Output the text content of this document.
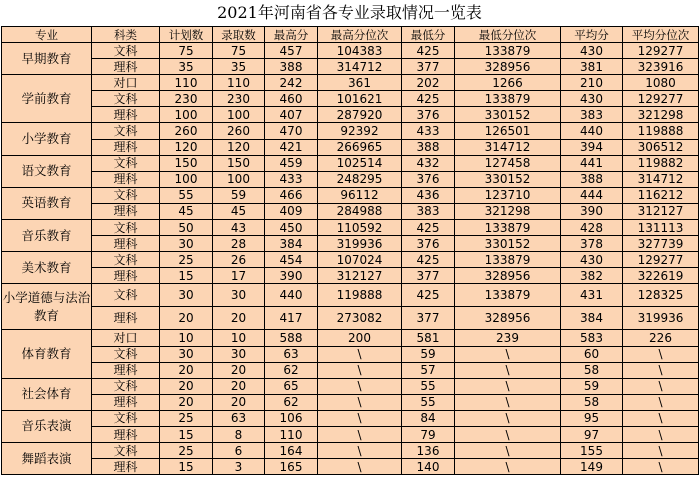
2021年河南省各专业录取情况一览表
专业	科类	计划数	录取数	最高分	最高分位次	最低分	最低分位次	平均分	平均分位次
早期教育	文科	75	75	457	104383	425	133879	430	129277
	理科	35	35	388	314712	377	328956	381	323916
学前教育	对口	110	110	242	361	202	1266	210	1080
	文科	230	230	460	101621	425	133879	430	129277
	理科	100	100	407	287920	376	330152	383	321298
小学教育	文科	260	260	470	92392	433	126501	440	119888
	理科	120	120	421	266965	388	314712	394	306512
语文教育	文科	150	150	459	102514	432	127458	441	119882
	理科	100	100	433	248295	376	330152	388	314712
英语教育	文科	55	59	466	96112	436	123710	444	116212
	理科	45	45	409	284988	383	321298	390	312127
音乐教育	文科	50	43	450	110592	425	133879	428	131113
	理科	30	28	384	319936	376	330152	378	327739
美术教育	文科	25	26	454	107024	425	133879	430	129277
	理科	15	17	390	312127	377	328956	382	322619
小学道德与法治教育	文科	30	30	440	119888	425	133879	431	128325
	理科	20	20	417	273082	377	328956	384	319936
体育教育	对口	10	10	588	200	581	239	583	226
	文科	30	30	63	\	59	\	60	\
	理科	20	20	62	\	57	\	58	\
社会体育	文科	20	20	65	\	55	\	59	\
	理科	20	20	62	\	55	\	58	\
音乐表演	文科	25	63	106	\	84	\	95	\
	理科	15	8	110	\	79	\	97	\
舞蹈表演	文科	25	6	164	\	136	\	155	\
	理科	15	3	165	\	140	\	149	\
